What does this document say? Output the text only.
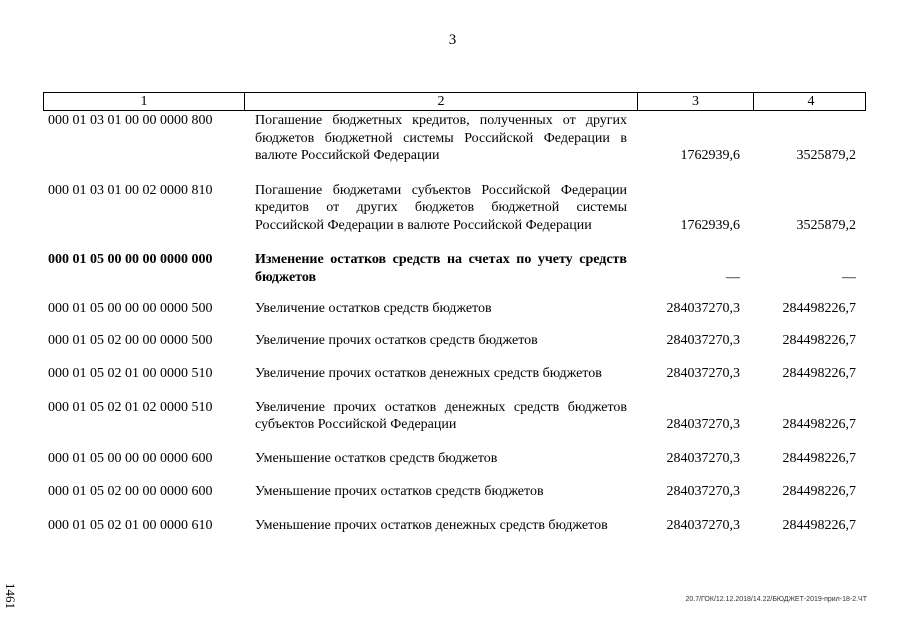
3
1	2	3	4
000 01 03 01 00 00 0000 800	Погашение бюджетных кредитов, полученных от других бюджетов бюджетной системы Российской Федерации в валюте Российской Федерации	1762939,6	3525879,2
000 01 03 01 00 02 0000 810	Погашение бюджетами субъектов Российской Федерации кредитов от других бюджетов бюджетной системы Российской Федерации в валюте Российской Федерации	1762939,6	3525879,2
000 01 05 00 00 00 0000 000	Изменение остатков средств на счетах по учету средств бюджетов	—	—
000 01 05 00 00 00 0000 500	Увеличение остатков средств бюджетов	284037270,3	284498226,7
000 01 05 02 00 00 0000 500	Увеличение прочих остатков средств бюджетов	284037270,3	284498226,7
000 01 05 02 01 00 0000 510	Увеличение прочих остатков денежных средств бюджетов	284037270,3	284498226,7
000 01 05 02 01 02 0000 510	Увеличение прочих остатков денежных средств бюджетов субъектов Российской Федерации	284037270,3	284498226,7
000 01 05 00 00 00 0000 600	Уменьшение остатков средств бюджетов	284037270,3	284498226,7
000 01 05 02 00 00 0000 600	Уменьшение прочих остатков средств бюджетов	284037270,3	284498226,7
000 01 05 02 01 00 0000 610	Уменьшение прочих остатков денежных средств бюджетов	284037270,3	284498226,7
1461	20.7/ГОК/12.12.2018/14.22/БЮДЖЕТ-2019-прил-18-2.ЧТ
